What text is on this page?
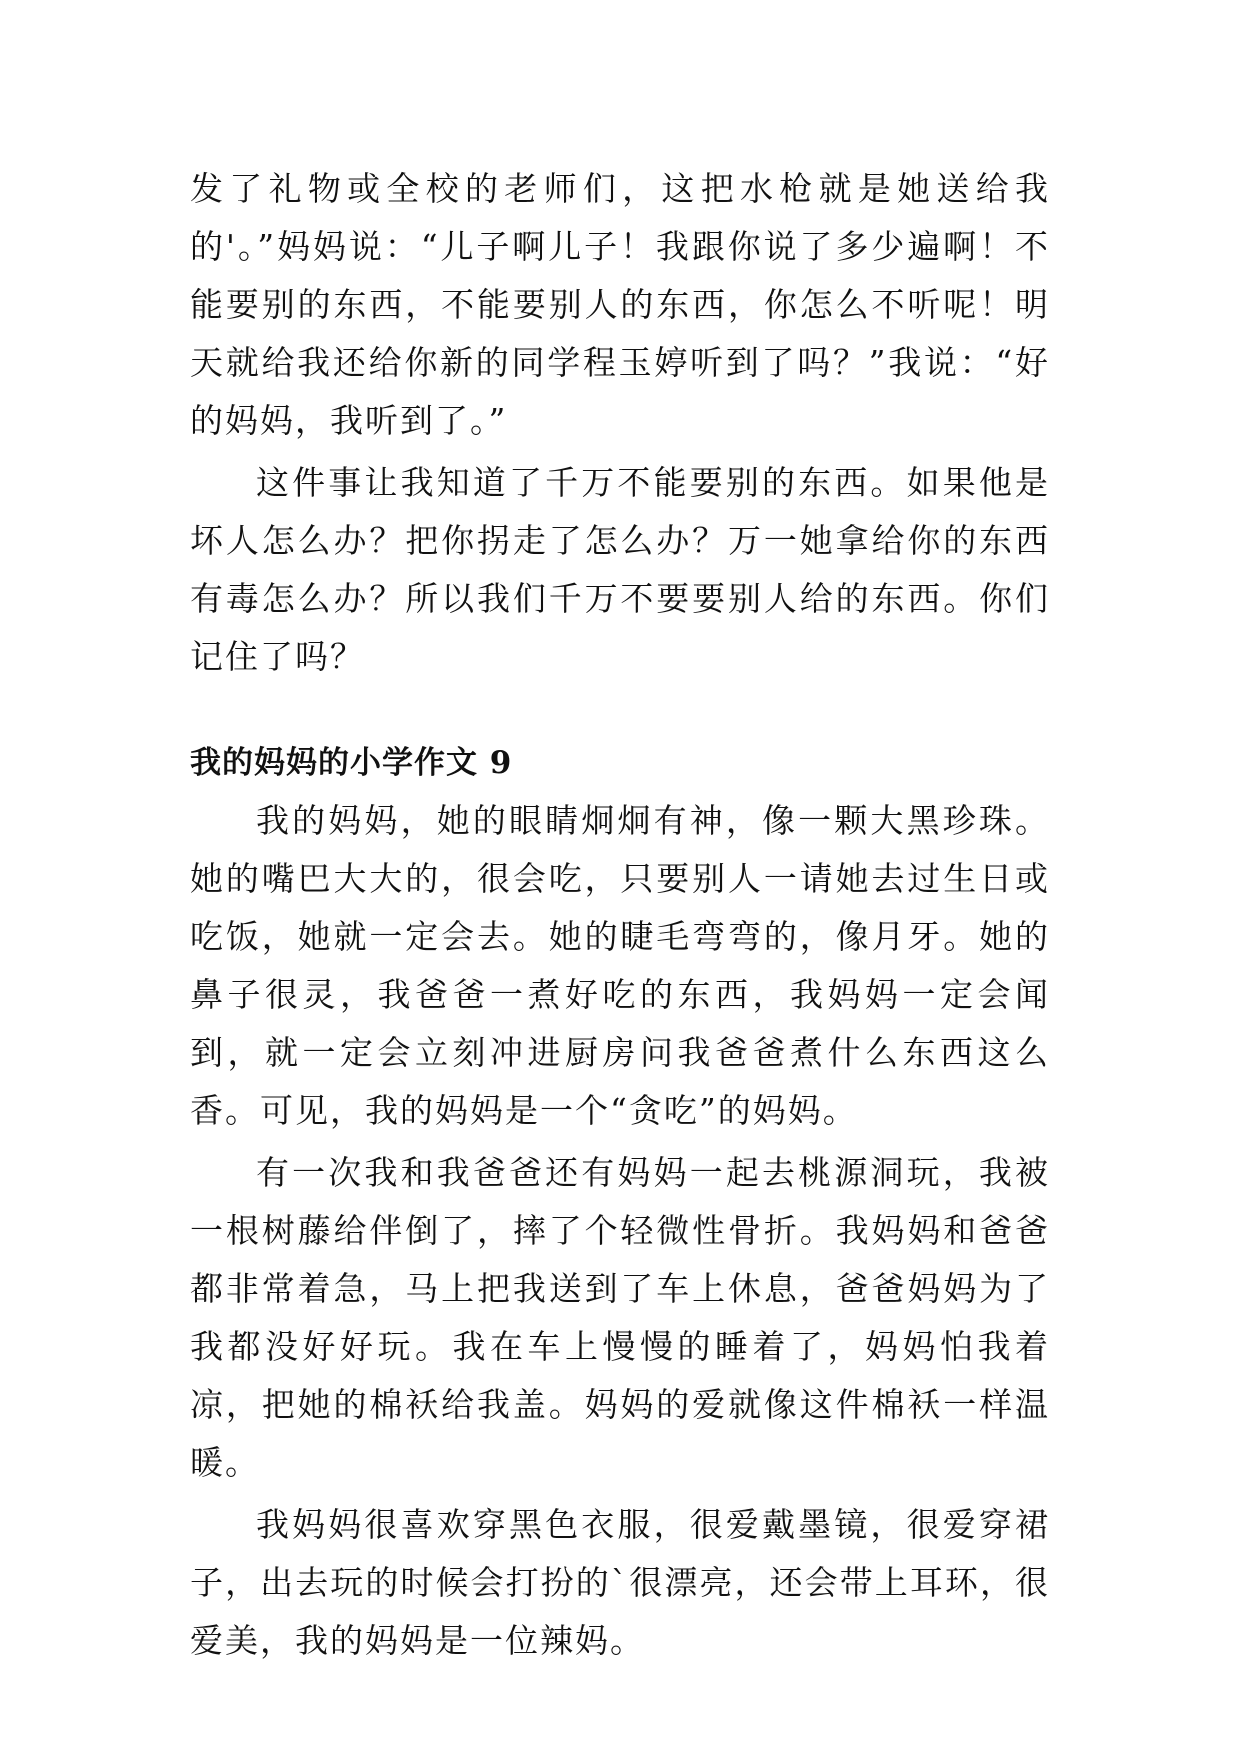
发了礼物或全校的老师们，这把水枪就是她送给我的'。”妈妈说：“儿子啊儿子！我跟你说了多少遍啊！不能要别的东西，不能要别人的东西，你怎么不听呢！明天就给我还给你新的同学程玉婷听到了吗？”我说：“好的妈妈，我听到了。”

这件事让我知道了千万不能要别的东西。如果他是坏人怎么办？把你拐走了怎么办？万一她拿给你的东西有毒怎么办？所以我们千万不要要别人给的东西。你们记住了吗？

我的妈妈的小学作文 9

我的妈妈，她的眼睛炯炯有神，像一颗大黑珍珠。她的嘴巴大大的，很会吃，只要别人一请她去过生日或吃饭，她就一定会去。她的睫毛弯弯的，像月牙。她的鼻子很灵，我爸爸一煮好吃的东西，我妈妈一定会闻到，就一定会立刻冲进厨房问我爸爸煮什么东西这么香。可见，我的妈妈是一个“贪吃”的妈妈。

有一次我和我爸爸还有妈妈一起去桃源洞玩，我被一根树藤给伴倒了，摔了个轻微性骨折。我妈妈和爸爸都非常着急，马上把我送到了车上休息，爸爸妈妈为了我都没好好玩。我在车上慢慢的睡着了，妈妈怕我着凉，把她的棉袄给我盖。妈妈的爱就像这件棉袄一样温暖。

我妈妈很喜欢穿黑色衣服，很爱戴墨镜，很爱穿裙子，出去玩的时候会打扮的`很漂亮，还会带上耳环，很爱美，我的妈妈是一位辣妈。
